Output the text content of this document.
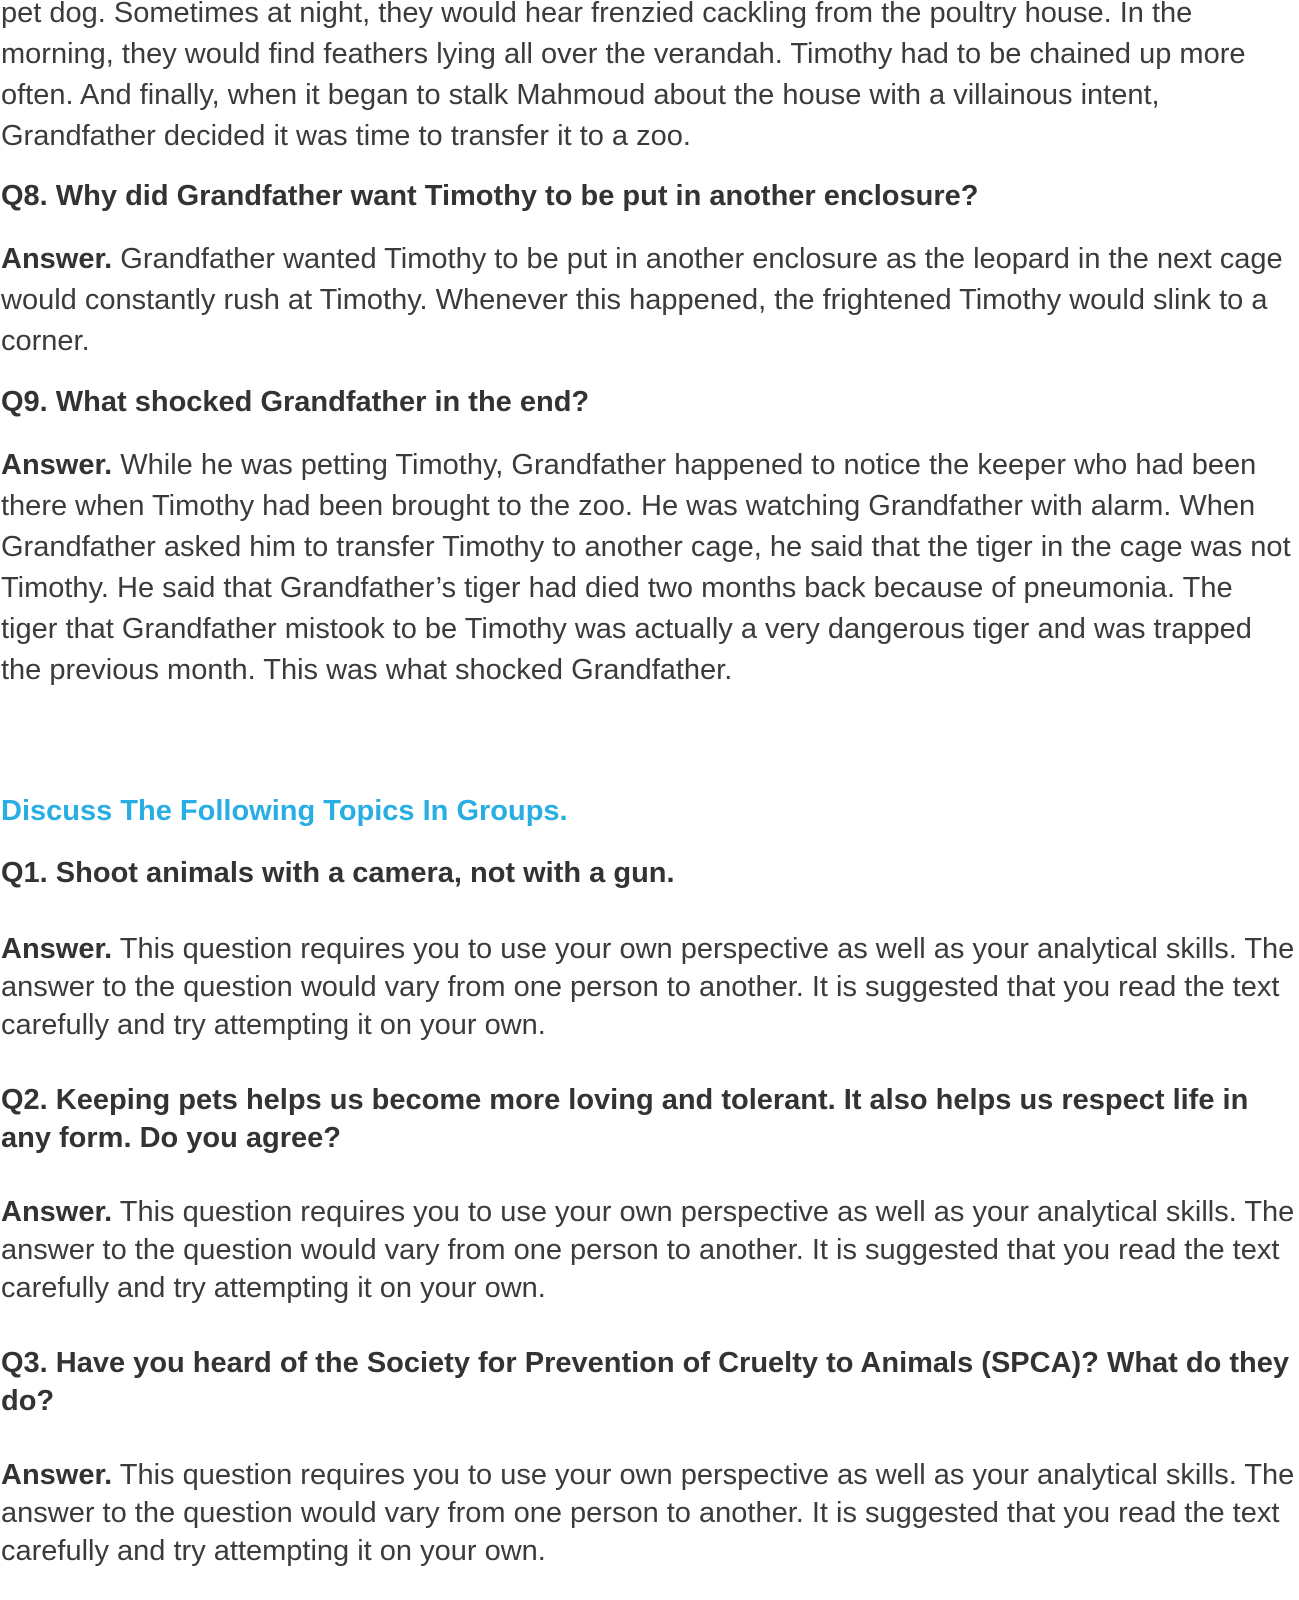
pet dog. Sometimes at night, they would hear frenzied cackling from the poultry house. In the morning, they would find feathers lying all over the verandah. Timothy had to be chained up more often. And finally, when it began to stalk Mahmoud about the house with a villainous intent, Grandfather decided it was time to transfer it to a zoo.

Q8. Why did Grandfather want Timothy to be put in another enclosure?

Answer. Grandfather wanted Timothy to be put in another enclosure as the leopard in the next cage would constantly rush at Timothy. Whenever this happened, the frightened Timothy would slink to a corner.

Q9. What shocked Grandfather in the end?

Answer. While he was petting Timothy, Grandfather happened to notice the keeper who had been there when Timothy had been brought to the zoo. He was watching Grandfather with alarm. When Grandfather asked him to transfer Timothy to another cage, he said that the tiger in the cage was not Timothy. He said that Grandfather’s tiger had died two months back because of pneumonia. The tiger that Grandfather mistook to be Timothy was actually a very dangerous tiger and was trapped the previous month. This was what shocked Grandfather.

Discuss The Following Topics In Groups.

Q1. Shoot animals with a camera, not with a gun.

Answer. This question requires you to use your own perspective as well as your analytical skills. The answer to the question would vary from one person to another. It is suggested that you read the text carefully and try attempting it on your own.

Q2. Keeping pets helps us become more loving and tolerant. It also helps us respect life in any form. Do you agree?

Answer. This question requires you to use your own perspective as well as your analytical skills. The answer to the question would vary from one person to another. It is suggested that you read the text carefully and try attempting it on your own.

Q3. Have you heard of the Society for Prevention of Cruelty to Animals (SPCA)? What do they do?

Answer. This question requires you to use your own perspective as well as your analytical skills. The answer to the question would vary from one person to another. It is suggested that you read the text carefully and try attempting it on your own.
